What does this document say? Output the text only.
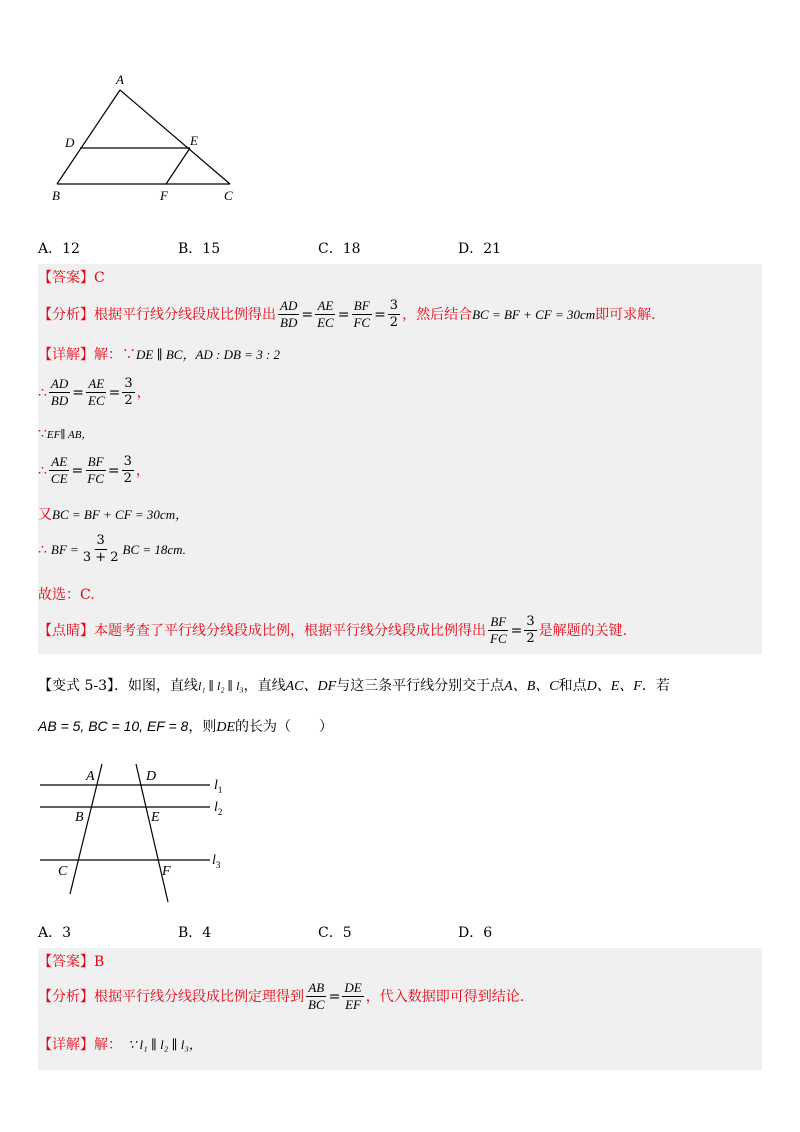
A
D	E
B	F	C
A．12	B．15	C．18	D．21
【答案】C
【分析】 根据平行线分线段成比例得出 $\frac{AD}{BD} = \frac{AE}{EC} = \frac{BF}{FC} = \frac{3}{2}$ ，然后结合 BC = BF + CF = 30cm 即可求解.
【详解】解：∵DE ∥ BC，AD : DB = 3 : 2
∴ $\frac{AD}{BD} = \frac{AE}{EC} = \frac{3}{2}$ ，
∵EF∥ AB，
∴ $\frac{AE}{CE} = \frac{BF}{FC} = \frac{3}{2}$ ，
又BC = BF + CF = 30cm，
∴ BF = $\frac{3}{3 + 2}$ BC = 18cm.
故选：C.
【点睛】 本题考查了平行线分线段成比例，根据平行线分线段成比例得出 $\frac{BF}{FC} = \frac{3}{2}$ 是解题的关键.
【变式 5-3】．如图，直线l₁ ∥ l₂ ∥ l₃，直线AC、DF与这三条平行线分别交于点A、B、C和点D、E、F．若
AB = 5, BC = 10, EF = 8，则DE的长为（　　）
A	D
B	E
C	F
$l_1$
$l_2$
$l_3$
A．3	B．4	C．5	D．6
【答案】B
【分析】 根据平行线分线段成比例定理得到 $\frac{AB}{BC} = \frac{DE}{EF}$ ，代入数据即可得到结论.
【详解】解： ∵ l₁ ∥ l₂ ∥ l₃，
